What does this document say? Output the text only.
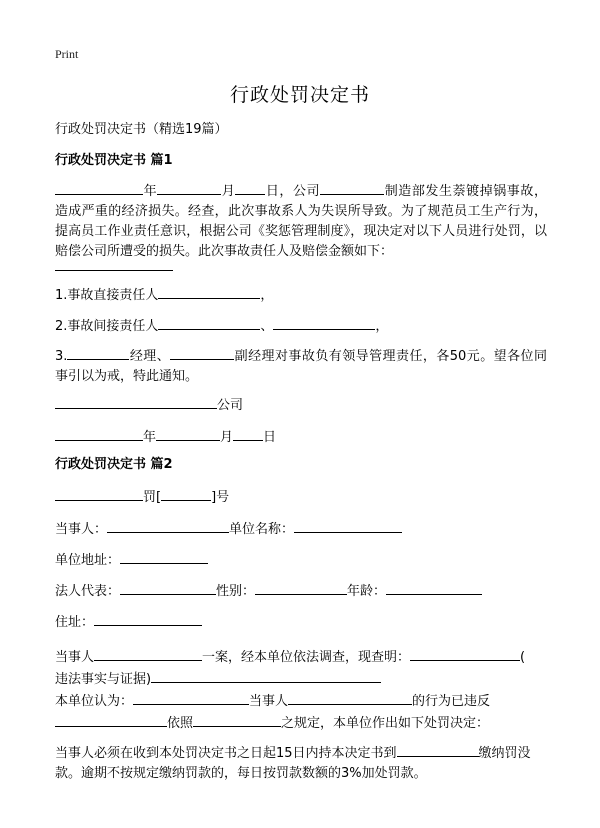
Print
行政处罚决定书
行政处罚决定书（精选19篇）
行政处罚决定书 篇1
年	月 日，公司	制造部发生萘镀掉锅事故，造成严重的经济损失。经查，此次事故系人为失误所导致。为了规范员工生产行为，提高员工作业责任意识，根据公司《奖惩管理制度》，现决定对以下人员进行处罚，以赔偿公司所遭受的损失。此次事故责任人及赔偿金额如下：
1.事故直接责任人	，
2.事故间接责任人	、	，
3.	经理、	副经理对事故负有领导管理责任，各50元。望各位同事引以为戒，特此通知。
公司
年	月 日
行政处罚决定书 篇2
罚[	]号
当事人：	单位名称：
单位地址：
法人代表：	性别：	年龄：
住址：
当事人	一案，经本单位依法调查，现查明：	(
违法事实与证据)
本单位认为：	当事人	的行为已违反
依照	之规定，本单位作出如下处罚决定：
当事人必须在收到本处罚决定书之日起15日内持本决定书到	缴纳罚没款。逾期不按规定缴纳罚款的，每日按罚款数额的3%加处罚款。
